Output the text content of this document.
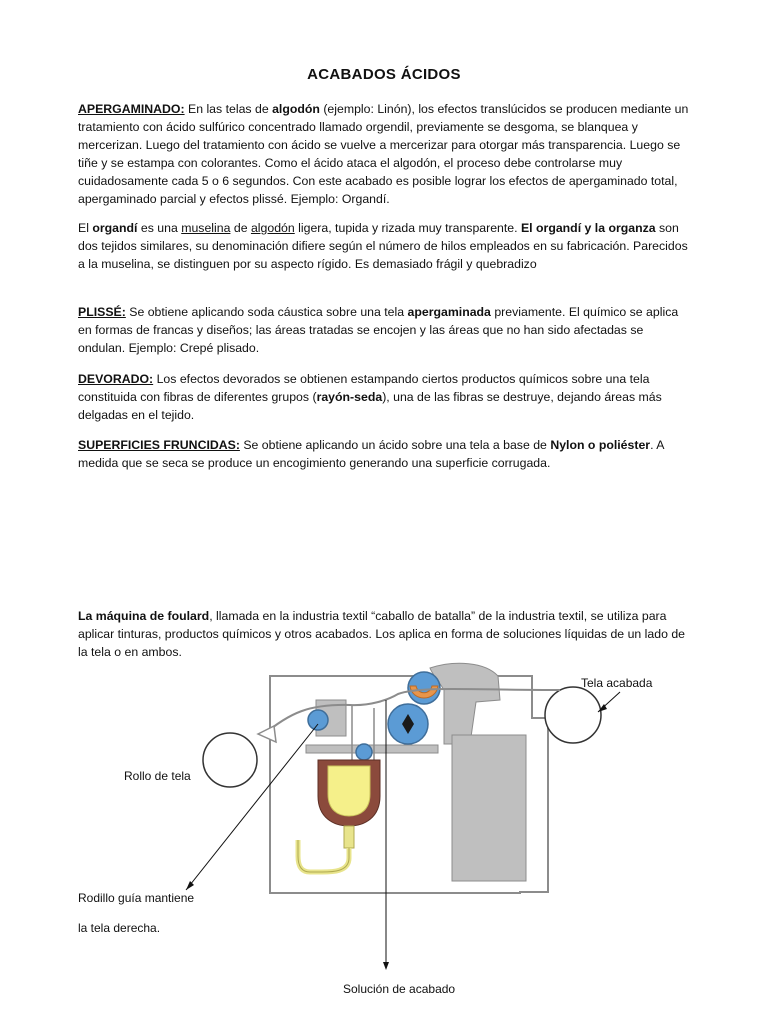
ACABADOS ÁCIDOS
APERGAMINADO: En las telas de algodón (ejemplo: Linón), los efectos translúcidos se producen mediante un tratamiento con ácido sulfúrico concentrado llamado orgendil, previamente se desgoma, se blanquea y mercerizan. Luego del tratamiento con ácido se vuelve a mercerizar para otorgar más transparencia. Luego se tiñe y se estampa con colorantes. Como el ácido ataca el algodón, el proceso debe controlarse muy cuidadosamente cada 5 o 6 segundos. Con este acabado es posible lograr los efectos de apergaminado total, apergaminado parcial y efectos plissé. Ejemplo: Organdí.
El organdí es una muselina de algodón ligera, tupida y rizada muy transparente. El organdí y la organza son dos tejidos similares, su denominación difiere según el número de hilos empleados en su fabricación. Parecidos a la muselina, se distinguen por su aspecto rígido. Es demasiado frágil y quebradizo
PLISSÉ: Se obtiene aplicando soda cáustica sobre una tela apergaminada previamente. El químico se aplica en formas de francas y diseños; las áreas tratadas se encojen y las áreas que no han sido afectadas se ondulan. Ejemplo: Crepé plisado.
DEVORADO: Los efectos devorados se obtienen estampando ciertos productos químicos sobre una tela constituida con fibras de diferentes grupos (rayón-seda), una de las fibras se destruye, dejando áreas más delgadas en el tejido.
SUPERFICIES FRUNCIDAS: Se obtiene aplicando un ácido sobre una tela a base de Nylon o poliéster. A medida que se seca se produce un encogimiento generando una superficie corrugada.
La máquina de foulard, llamada en la industria textil “caballo de batalla” de la industria textil, se utiliza para aplicar tinturas, productos químicos y otros acabados. Los aplica en forma de soluciones líquidas de un lado de la tela o en ambos.
Tela acabada
Rollo de tela
Rodillo guía mantiene
la tela derecha.
Solución de acabado
